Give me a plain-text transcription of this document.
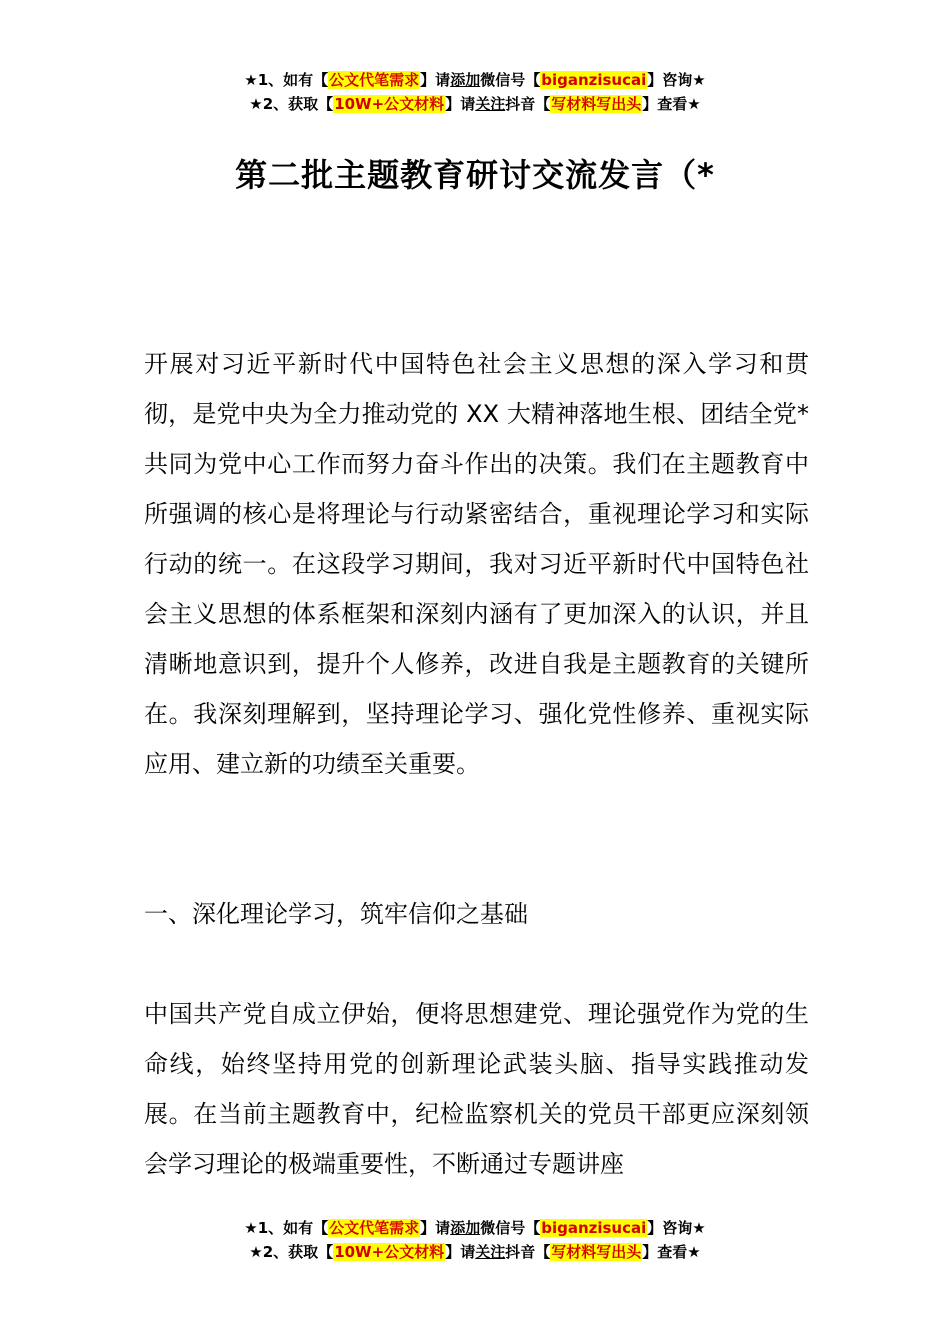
★1、如有【公文代笔需求】请添加微信号【biganzisucai】咨询★
★2、获取【10W+公文材料】请关注抖音【写材料写出头】查看★
第二批主题教育研讨交流发言（*

开展对习近平新时代中国特色社会主义思想的深入学习和贯彻，是党中央为全力推动党的 XX 大精神落地生根、团结全党*共同为党中心工作而努力奋斗作出的决策。我们在主题教育中所强调的核心是将理论与行动紧密结合，重视理论学习和实际行动的统一。在这段学习期间，我对习近平新时代中国特色社会主义思想的体系框架和深刻内涵有了更加深入的认识，并且清晰地意识到，提升个人修养，改进自我是主题教育的关键所在。我深刻理解到，坚持理论学习、强化党性修养、重视实际应用、建立新的功绩至关重要。

一、深化理论学习，筑牢信仰之基础

中国共产党自成立伊始，便将思想建党、理论强党作为党的生命线，始终坚持用党的创新理论武装头脑、指导实践推动发展。在当前主题教育中，纪检监察机关的党员干部更应深刻领会学习理论的极端重要性，不断通过专题讲座

★1、如有【公文代笔需求】请添加微信号【biganzisucai】咨询★
★2、获取【10W+公文材料】请关注抖音【写材料写出头】查看★
